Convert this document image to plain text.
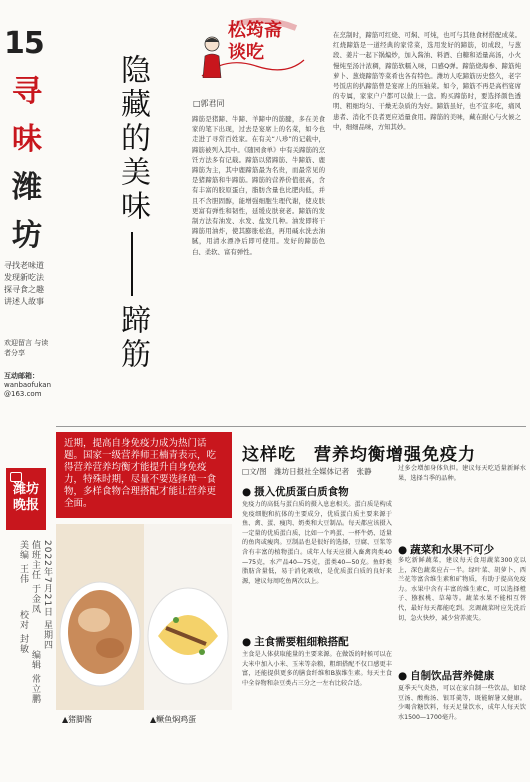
15
寻
味
潍
坊
寻找老味道 发现新吃法 探寻食之趣 讲述人故事
欢迎留言 与读者分享
互动邮箱：
wanbaofukan
@163.com
潍坊
晚报
2022年7月21日
星期四
值班主任 于金凤
编辑 常立鹏
美编 王伟
校对 封敏
松筠斋谈吃
隐藏的美味蹄筋
□郭君同
蹄筋是猪蹄、牛蹄、羊蹄中的筋腱，多在美食家的笔下出现，过去是宴席上的名菜，如今也走进了寻常百姓家。在有关“八珍”的记载中，蹄筋被列入其中。《随园食单》中有关蹄筋的烹饪方法多有记载。蹄筋以猪蹄筋、牛蹄筋、鹿蹄筋为主，其中鹿蹄筋最为名贵，而最常见的是猪蹄筋和牛蹄筋。蹄筋的营养价值很高，含有丰富的胶原蛋白，脂肪含量也比肥肉低，并且不含胆固醇，能增强细胞生理代谢，使皮肤更富有弹性和韧性，延缓皮肤衰老。蹄筋的发制方法有油发、水发、盐发几种。油发即将干蹄筋用油炸，使其膨胀松泡，再用碱水洗去油腻，用清水漂净后即可使用。发好的蹄筋色白、柔软、富有弹性。
在烹制时，蹄筋可红烧、可焖、可炖，也可与其他食材搭配成菜。红烧蹄筋是一道经典的家常菜，选用发好的蹄筋，切成段，与葱段、姜片一起下锅煸炒，加入酱油、料酒、白糖和适量高汤，小火慢炖至汤汁浓稠，蹄筋软糯入味，口感Q弹。蹄筋烧海参、蹄筋炖萝卜、葱烧蹄筋等菜肴也各有特色。潍坊人吃蹄筋历史悠久，老字号饭店的扒蹄筋曾是宴席上的压轴菜。如今，蹄筋不再是高档宴席的专属，家家户户都可以做上一盘。购买蹄筋时，要选择颜色透明、粗细均匀、干燥无杂质的为好。蹄筋虽好，也不宜多吃，痛风患者、消化不良者更应适量食用。蹄筋的美味，藏在耐心与火候之中，细细品味，方知其妙。
近期，提高自身免疫力成为热门话题。国家一级营养师王楠青表示，吃得营养营养均衡才能提升自身免疫力，特殊时期，尽量不要选择单一食物，多样食物合理搭配才能让营养更全面。
▲猪脚酱	▲鳜鱼焖鸡蛋
这样吃　营养均衡增强免疫力
□文/图　潍坊日报社全媒体记者　张静
● 摄入优质蛋白质食物
免疫力的高低与蛋白质的摄入息息相关。蛋白质是构成免疫细胞和抗体的主要成分，优质蛋白质主要来源于鱼、禽、蛋、瘦肉、奶类和大豆制品。每天都应该摄入一定量的优质蛋白质，比如一个鸡蛋、一杯牛奶、适量的鱼肉或瘦肉。豆制品也是很好的选择，豆腐、豆浆等含有丰富的植物蛋白。成年人每天应摄入畜禽肉类40—75克，水产品40—75克，蛋类40—50克。鱼虾类脂肪含量低，易于消化吸收，是优质蛋白质的良好来源，建议每周吃鱼两次以上。
● 主食需要粗细粮搭配
主食是人体获取能量的主要来源。在做饭的时候可以在大米中加入小米、玉米等杂粮，粗细搭配不仅口感更丰富，还能提供更多的膳食纤维和B族维生素。每天主食中全谷物和杂豆类占三分之一左右比较合适。
过多会增加身体负担。建议每天吃适量新鲜水果，选择当季的品种。
● 蔬菜和水果不可少
多吃新鲜蔬菜，建议每天食用蔬菜300克以上，深色蔬菜应占一半。绿叶菜、胡萝卜、西兰花等富含维生素和矿物质，有助于提高免疫力。水果中含有丰富的维生素C，可以选择橙子、猕猴桃、草莓等。蔬菜水果不能相互替代，最好每天都能吃到。烹调蔬菜时应先洗后切，急火快炒，减少营养流失。
● 自制饮品营养健康
夏季天气炎热，可以在家自制一些饮品，如绿豆汤、酸梅汤、银耳羹等，既能解暑又健康。少喝含糖饮料，每天足量饮水，成年人每天饮水1500—1700毫升。
